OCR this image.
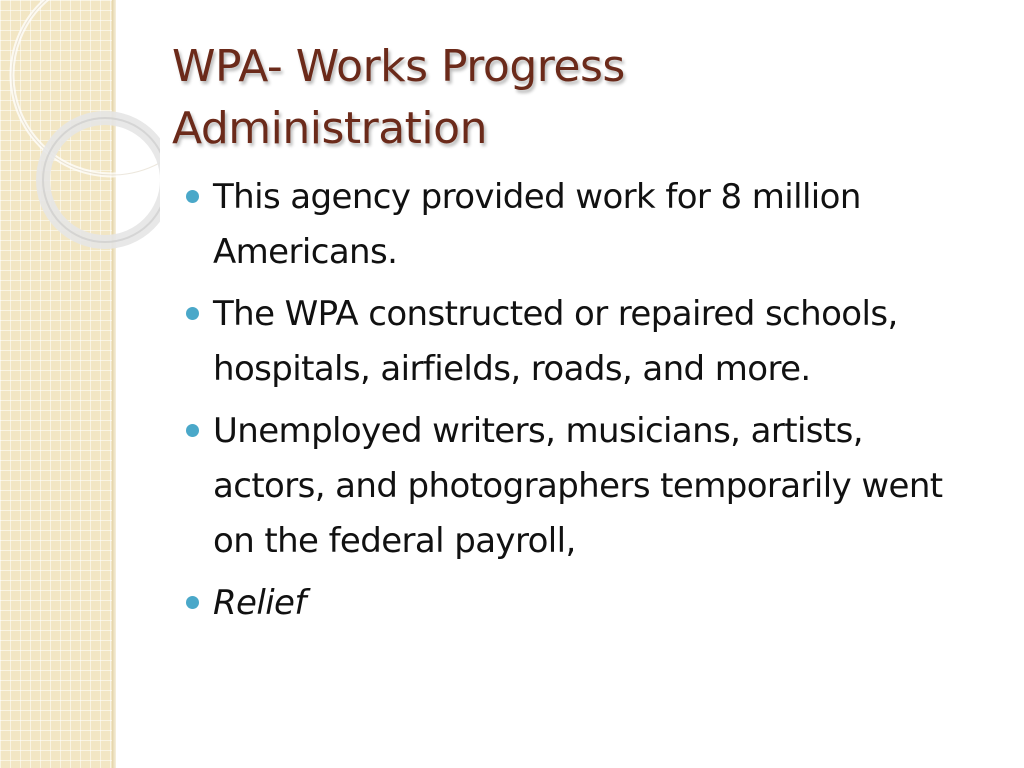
WPA- Works Progress
Administration
This agency provided work for 8 million Americans.
The WPA constructed or repaired schools, hospitals, airfields, roads, and more.
Unemployed writers, musicians, artists, actors, and photographers temporarily went on the federal payroll,
Relief
